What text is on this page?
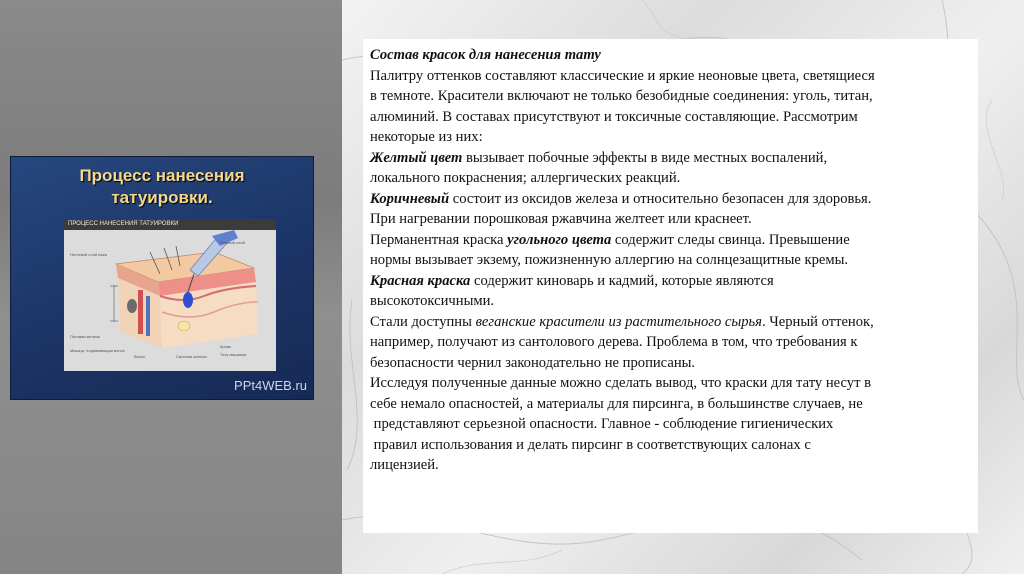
Процесс нанесения
татуировки.
ПРОЦЕСС НАНЕСЕНИЯ ТАТУИРОВКИ
Ногтевой слой кожи
Потовая железа
Мышца, поднимающая волос
Волос	Сальная железа
Кровь
Тату машинка
Роговой слой
PPt4WEB.ru

Состав красок для нанесения тату

Палитру оттенков составляют классические и яркие неоновые цвета, светящиеся

в темноте. Красители включают не только безобидные соединения: уголь, титан,

алюминий. В составах присутствуют и токсичные составляющие. Рассмотрим

некоторые из них:

Желтый цвет вызывает побочные эффекты в виде местных воспалений,

локального покраснения; аллергических реакций.

Коричневый состоит из оксидов железа и относительно безопасен для здоровья.

При нагревании порошковая ржавчина желтеет или краснеет.

Перманентная краска угольного цвета содержит следы свинца. Превышение

нормы вызывает экзему, пожизненную аллергию на солнцезащитные кремы.

Красная краска содержит киноварь и кадмий, которые являются

высокотоксичными.

Стали доступны веганские красители из растительного сырья. Черный оттенок,

например, получают из сантолового дерева. Проблема в том, что требования к

безопасности чернил законодательно не прописаны.

Исследуя полученные данные можно сделать вывод, что краски для тату несут в

себе немало опасностей, а материалы для пирсинга, в большинстве случаев, не

представляют серьезной опасности. Главное - соблюдение гигиенических

правил использования и делать пирсинг в соответствующих салонах с

лицензией.
